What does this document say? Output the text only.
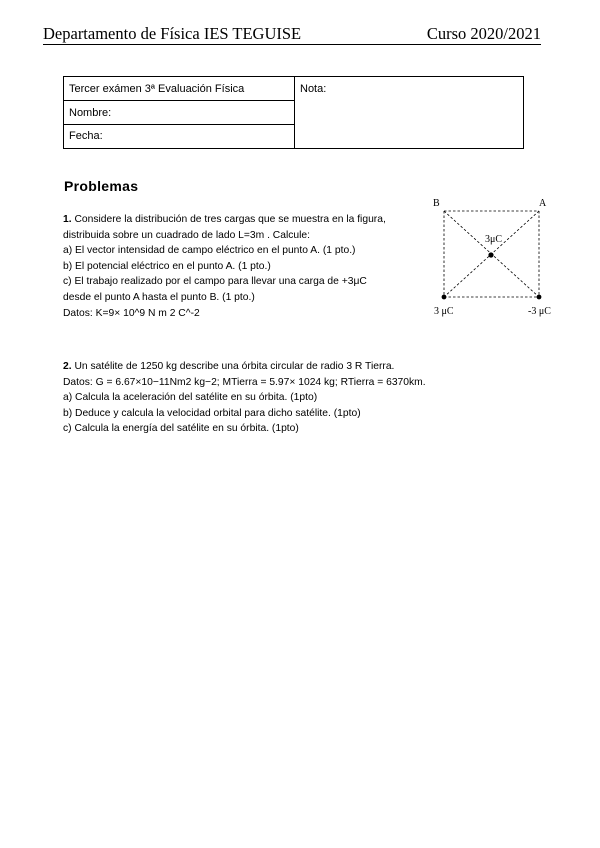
Departamento de Física IES TEGUISE	Curso 2020/2021
Tercer exámen 3ª Evaluación Física
Nombre:
Fecha:
Nota:
Problemas
1. Considere la distribución de tres cargas que se muestra en la figura,
distribuida sobre un cuadrado de lado L=3m . Calcule:
a) El vector intensidad de campo eléctrico en el punto A. (1 pto.)
b) El potencial eléctrico en el punto A. (1 pto.)
c) El trabajo realizado por el campo para llevar una carga de +3μC
desde el punto A hasta el punto B. (1 pto.)
Datos: K=9× 10^9 N m 2 C^-2
B	A
3μC
3 μC	-3 μC
2. Un satélite de 1250 kg describe una órbita circular de radio 3 R Tierra.
Datos: G = 6.67×10−11Nm2 kg−2; MTierra = 5.97× 1024 kg; RTierra = 6370km.
a) Calcula la aceleración del satélite en su órbita. (1pto)
b) Deduce y calcula la velocidad orbital para dicho satélite. (1pto)
c) Calcula la energía del satélite en su órbita. (1pto)
